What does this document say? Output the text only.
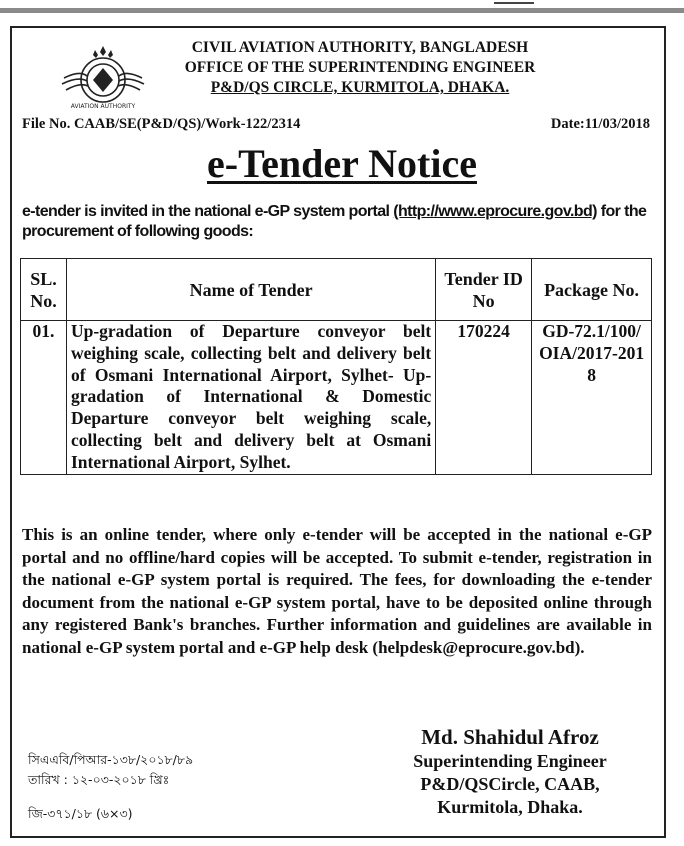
AVIATION AUTHORITY
CIVIL AVIATION AUTHORITY, BANGLADESH
OFFICE OF THE SUPERINTENDING ENGINEER
P&D/QS CIRCLE, KURMITOLA, DHAKA.
File No. CAAB/SE(P&D/QS)/Work-122/2314	Date:11/03/2018
e-Tender Notice
e-tender is invited in the national e-GP system portal (http://www.eprocure.gov.bd) for the procurement of following goods:
SL. No.	Name of Tender	Tender ID No	Package No.
01.	Up-gradation of Departure conveyor belt weighing scale, collecting belt and delivery belt of Osmani International Airport, Sylhet- Up-gradation of International & Domestic Departure conveyor belt weighing scale, collecting belt and delivery belt at Osmani International Airport, Sylhet.	170224	GD-72.1/100/OIA/2017-2018
This is an online tender, where only e-tender will be accepted in the national e-GP portal and no offline/hard copies will be accepted. To submit e-tender, registration in the national e-GP system portal is required. The fees, for downloading the e-tender document from the national e-GP system portal, have to be deposited online through any registered Bank's branches. Further information and guidelines are available in national e-GP system portal and e-GP help desk (helpdesk@eprocure.gov.bd).
Md. Shahidul Afroz
Superintending Engineer
P&D/QSCircle, CAAB,
Kurmitola, Dhaka.
সিএএবি/পিআর-১৩৮/২০১৮/৮৯
তারিখ : ১২-০৩-২০১৮ খ্রিঃ
জি-৩৭১/১৮ (৬×৩)
